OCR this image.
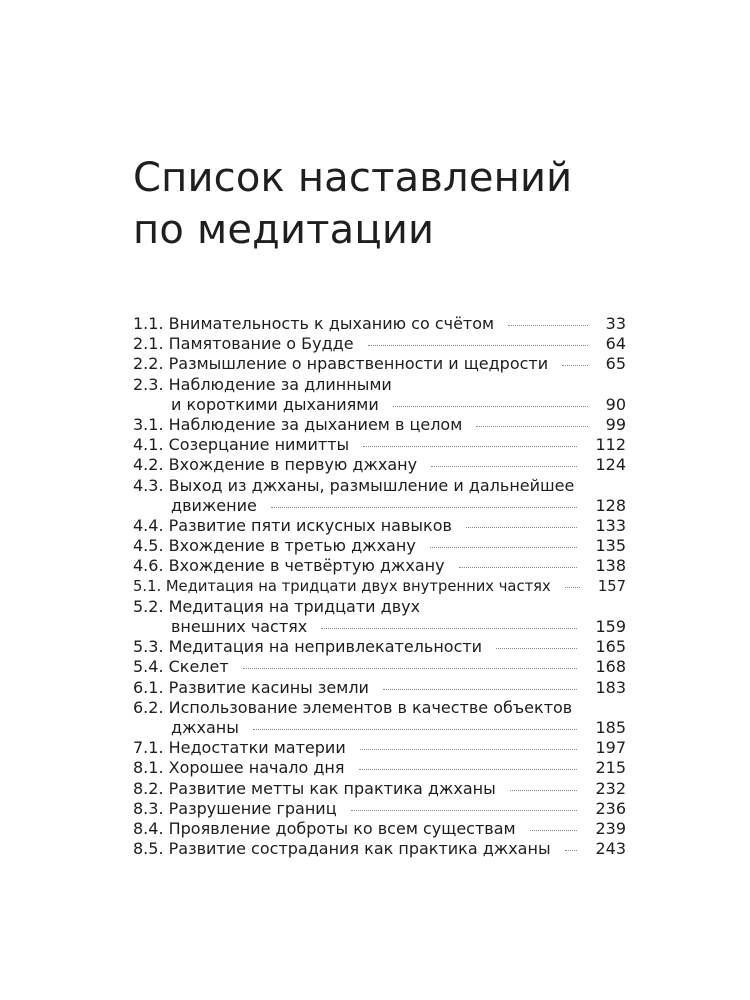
Список наставлений
по медитации
1.1. Внимательность к дыханию со счётом	33
2.1. Памятование о Будде	64
2.2. Размышление о нравственности и щедрости	65
2.3. Наблюдение за длинными
и короткими дыханиями	90
3.1. Наблюдение за дыханием в целом	99
4.1. Созерцание нимитты	112
4.2. Вхождение в первую джхану	124
4.3. Выход из джханы, размышление и дальнейшее
движение	128
4.4. Развитие пяти искусных навыков	133
4.5. Вхождение в третью джхану	135
4.6. Вхождение в четвёртую джхану	138
5.1. Медитация на тридцати двух внутренних частях	157
5.2. Медитация на тридцати двух
внешних частях	159
5.3. Медитация на непривлекательности	165
5.4. Скелет	168
6.1. Развитие касины земли	183
6.2. Использование элементов в качестве объектов
джханы	185
7.1. Недостатки материи	197
8.1. Хорошее начало дня	215
8.2. Развитие метты как практика джханы	232
8.3. Разрушение границ	236
8.4. Проявление доброты ко всем существам	239
8.5. Развитие сострадания как практика джханы	243
